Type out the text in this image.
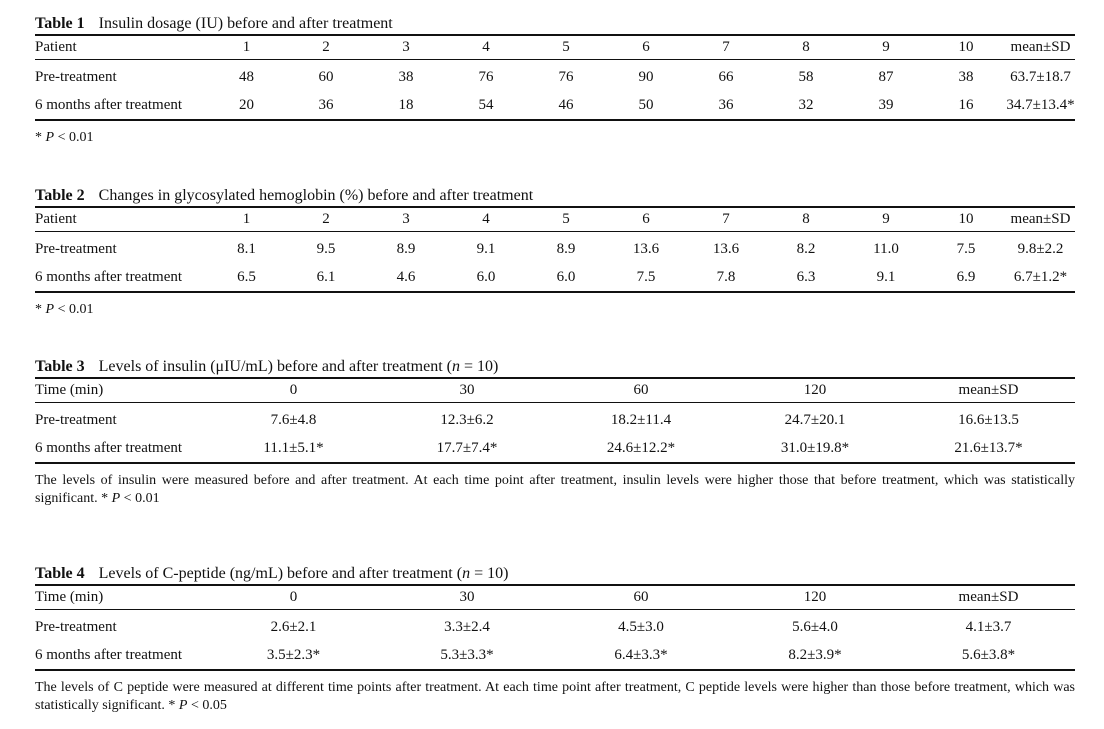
Table 1 Insulin dosage (IU) before and after treatment
Patient	1	2	3	4	5	6	7	8	9	10	mean±SD
Pre-treatment	48	60	38	76	76	90	66	58	87	38	63.7±18.7
6 months after treatment	20	36	18	54	46	50	36	32	39	16	34.7±13.4*
* P < 0.01
Table 2 Changes in glycosylated hemoglobin (%) before and after treatment
Patient	1	2	3	4	5	6	7	8	9	10	mean±SD
Pre-treatment	8.1	9.5	8.9	9.1	8.9	13.6	13.6	8.2	11.0	7.5	9.8±2.2
6 months after treatment	6.5	6.1	4.6	6.0	6.0	7.5	7.8	6.3	9.1	6.9	6.7±1.2*
* P < 0.01
Table 3 Levels of insulin (μIU/mL) before and after treatment (n = 10)
Time (min)	0	30	60	120	mean±SD
Pre-treatment	7.6±4.8	12.3±6.2	18.2±11.4	24.7±20.1	16.6±13.5
6 months after treatment	11.1±5.1*	17.7±7.4*	24.6±12.2*	31.0±19.8*	21.6±13.7*
The levels of insulin were measured before and after treatment. At each time point after treatment, insulin levels were higher those that before treatment, which was statistically significant. * P < 0.01
Table 4 Levels of C-peptide (ng/mL) before and after treatment (n = 10)
Time (min)	0	30	60	120	mean±SD
Pre-treatment	2.6±2.1	3.3±2.4	4.5±3.0	5.6±4.0	4.1±3.7
6 months after treatment	3.5±2.3*	5.3±3.3*	6.4±3.3*	8.2±3.9*	5.6±3.8*
The levels of C peptide were measured at different time points after treatment. At each time point after treatment, C peptide levels were higher than those before treatment, which was statistically significant. * P < 0.05
